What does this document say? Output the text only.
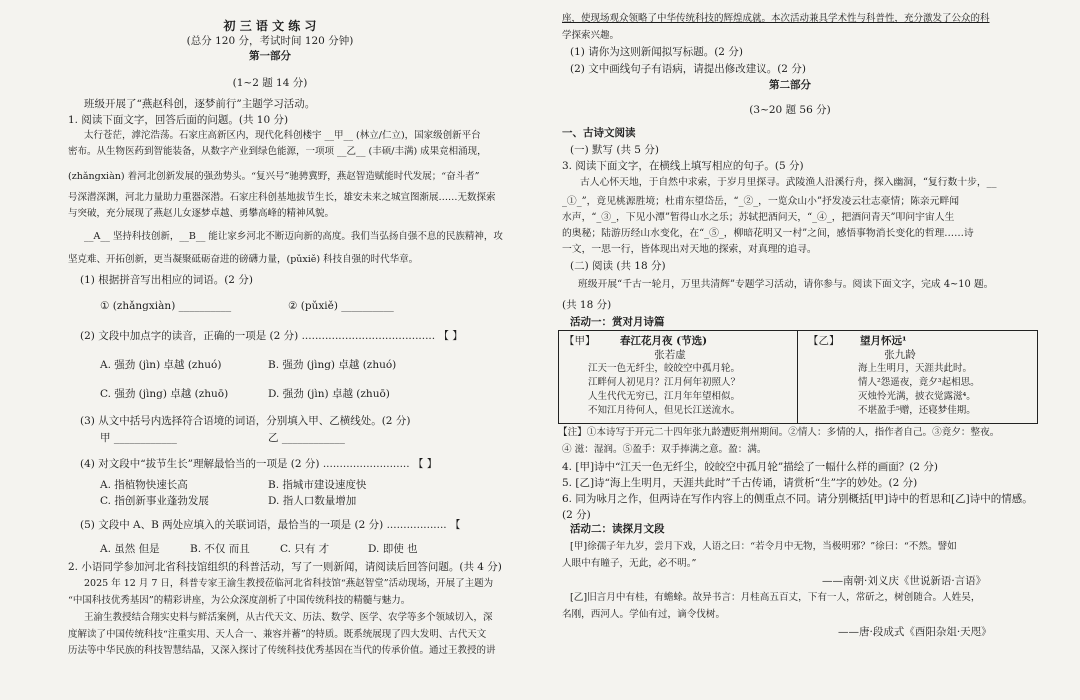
初 三 语 文 练 习
(总分 120 分，考试时间 120 分钟)
第一部分
(1~2 题 14 分)
班级开展了“燕赵科创，逐梦前行”主题学习活动。
1. 阅读下面文字，回答后面的问题。(共 10 分)
太行苍茫，滹沱浩荡。石家庄高新区内，现代化科创楼宇 __甲__ (林立/仁立)，国家级创新平台
密布。从生物医药到智能装备，从数字产业到绿色能源，一项项 __乙__ (丰硕/丰满) 成果竞相涌现，
(zhǎngxiàn) 着河北创新发展的强劲势头。“复兴号”驰骋冀野，燕赵智造赋能时代发展；“奋斗者”
号深潜深渊，河北力量助力重器深潜。石家庄科创基地拔节生长，雄安未来之城宣图渐展……无数探索
与突破，充分展现了燕赵儿女逐梦卓越、勇攀高峰的精神风貌。
__A__ 坚持科技创新，__B__ 能让家乡河北不断迈向新的高度。我们当弘扬自强不息的民族精神，攻
坚克难、开拓创新，更当凝聚砥砺奋进的磅礴力量，(pǔxiě) 科技自强的时代华章。
(1) 根据拼音写出相应的词语。(2 分)
① (zhǎngxiàn) __________	② (pǔxiě) __________
(2) 文段中加点字的读音，正确的一项是 (2 分) ........................................ 【 】
A. 强劲 (jìn) 卓越 (zhuó)	B. 强劲 (jìng) 卓越 (zhuó)
C. 强劲 (jìng) 卓越 (zhuō)	D. 强劲 (jìn) 卓越 (zhuō)
(3) 从文中括号内选择符合语境的词语，分别填入甲、乙横线处。(2 分)
甲 ____________	乙 ____________
(4) 对文段中“拔节生长”理解最恰当的一项是 (2 分) .......................... 【 】
A. 指植物快速长高	B. 指城市建设速度快
C. 指创新事业蓬勃发展	D. 指人口数量增加
(5) 文段中 A、B 两处应填入的关联词语，最恰当的一项是 (2 分) .................. 【
A. 虽然 但是	B. 不仅 而且	C. 只有 才	D. 即使 也
2. 小语同学参加河北省科技馆组织的科普活动，写了一则新闻，请阅读后回答问题。(共 4 分)
2025 年 12 月 7 日，科普专家王渝生教授莅临河北省科技馆“燕赵智堂”活动现场，开展了主题为
“中国科技优秀基因”的精彩讲座，为公众深度剖析了中国传统科技的精髓与魅力。
王渝生教授结合翔实史料与鲜活案例，从古代天文、历法、数学、医学、农学等多个领域切入，深
度解读了中国传统科技“注重实用、天人合一、兼容并蓄”的特质。既系统展现了四大发明、古代天文
历法等中华民族的科技智慧结晶，又深入探讨了传统科技优秀基因在当代的传承价值。通过王教授的讲
座，使现场观众领略了中华传统科技的辉煌成就。本次活动兼具学术性与科普性，充分激发了公众的科
学探索兴趣。
(1) 请你为这则新闻拟写标题。(2 分)
(2) 文中画线句子有语病，请提出修改建议。(2 分)
第二部分
(3~20 题 56 分)
一、古诗文阅读
(一) 默写 (共 5 分)
3. 阅读下面文字，在横线上填写相应的句子。(5 分)
古人心怀天地，于自然中求索，于岁月里探寻。武陵渔人沿溪行舟，探入幽洞，“复行数十步，__
_①_”，竟见桃源胜境；杜甫东望岱岳，“_②_，一览众山小”抒发凌云壮志豪情；陈亲元畔闻
水声，“_③_，下见小潭”暂得山水之乐；苏轼把酒问天，“_④_，把酒问青天”叩问宇宙人生
的奥秘；陆游历经山水变化，在“_⑤_，柳暗花明又一村”之间，感悟事物消长变化的哲理……诗
一文，一思一行，皆体现出对天地的探索，对真理的追寻。
(二) 阅读 (共 18 分)
班级开展“千古一轮月，万里共清辉”专题学习活动，请你参与。阅读下面文字，完成 4~10 题。
(共 18 分)
活动一：赏对月诗篇
【甲】 春江花月夜 (节选)
张若虚
江天一色无纤尘，皎皎空中孤月轮。
江畔何人初见月？江月何年初照人？
人生代代无穷已，江月年年望相似。
不知江月待何人，但见长江送流水。
【乙】 望月怀远¹
张九龄
海上生明月，天涯共此时。
情人²怨遥夜，竟夕³起相思。
灭烛怜光满，披衣觉露滋⁴。
不堪盈手⁵赠，还寝梦佳期。
【注】①本诗写于开元二十四年张九龄遭贬荆州期间。②情人：多情的人，指作者自己。③竟夕：整夜。
④ 滋：湿润。⑤盈手：双手捧满之意。盈：满。
4. [甲]诗中“江天一色无纤尘，皎皎空中孤月轮”描绘了一幅什么样的画面？(2 分)
5. [乙]诗“海上生明月，天涯共此时”千古传诵，请赏析“生”字的妙处。(2 分)
6. 同为咏月之作，但两诗在写作内容上的侧重点不同。请分别概括[甲]诗中的哲思和[乙]诗中的情感。
(2 分)
活动二：读探月文段
[甲]徐孺子年九岁，尝月下戏，人语之曰：“若令月中无物，当极明邪？”徐曰：“不然。譬如
人眼中有瞳子，无此，必不明。”
——南朝·刘义庆《世说新语·言语》
[乙]旧言月中有桂，有蟾蜍。故异书言：月桂高五百丈，下有一人，常斫之，树创随合。人姓吴，
名刚，西河人。学仙有过，谪令伐树。
——唐·段成式《酉阳杂俎·天咫》
